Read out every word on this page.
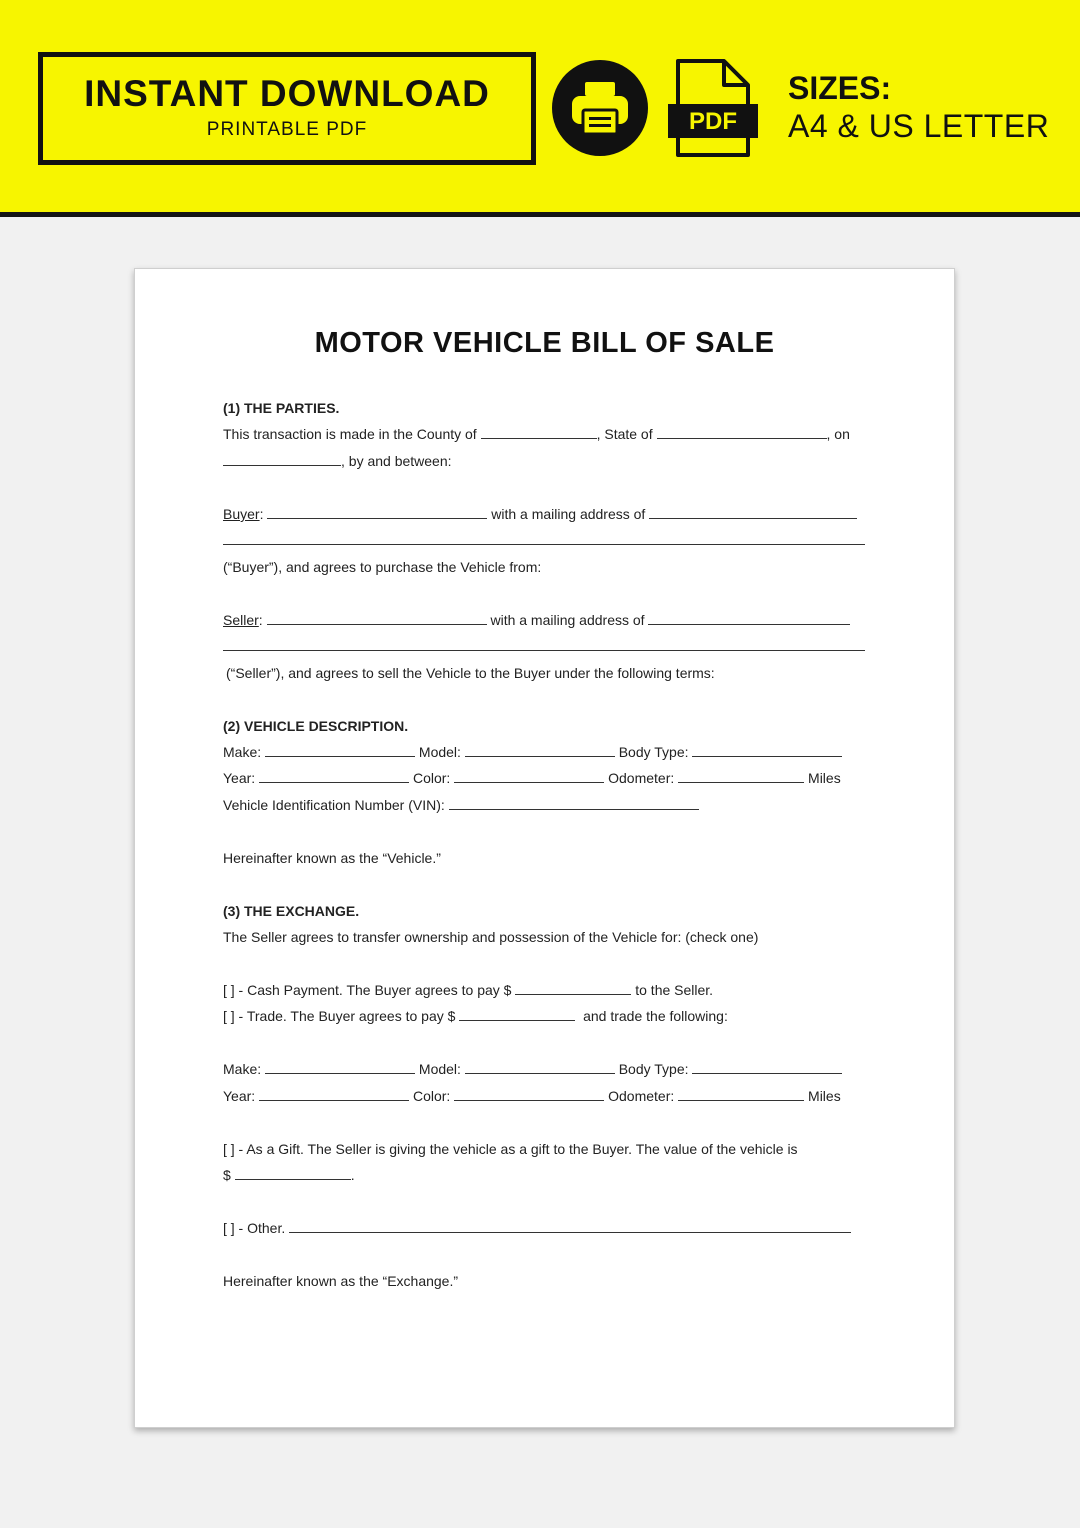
INSTANT DOWNLOAD
PRINTABLE PDF	PDF
SIZES:
A4 & US LETTER
MOTOR VEHICLE BILL OF SALE
(1) THE PARTIES.
This transaction is made in the County of	, State of	, on
, by and between:
Buyer:	with a mailing address of
(“Buyer”), and agrees to purchase the Vehicle from:
Seller:	with a mailing address of
(“Seller”), and agrees to sell the Vehicle to the Buyer under the following terms:
(2) VEHICLE DESCRIPTION.
Make:	Model:	Body Type:
Year:	Color:	Odometer:	Miles
Vehicle Identification Number (VIN):
Hereinafter known as the “Vehicle.”
(3) THE EXCHANGE.
The Seller agrees to transfer ownership and possession of the Vehicle for: (check one)
[ ] - Cash Payment. The Buyer agrees to pay $	to the Seller.
[ ] - Trade. The Buyer agrees to pay $	and trade the following:
Make:	Model:	Body Type:
Year:	Color:	Odometer:	Miles
[ ] - As a Gift. The Seller is giving the vehicle as a gift to the Buyer. The value of the vehicle is
$	.
[ ] - Other.
Hereinafter known as the “Exchange.”
